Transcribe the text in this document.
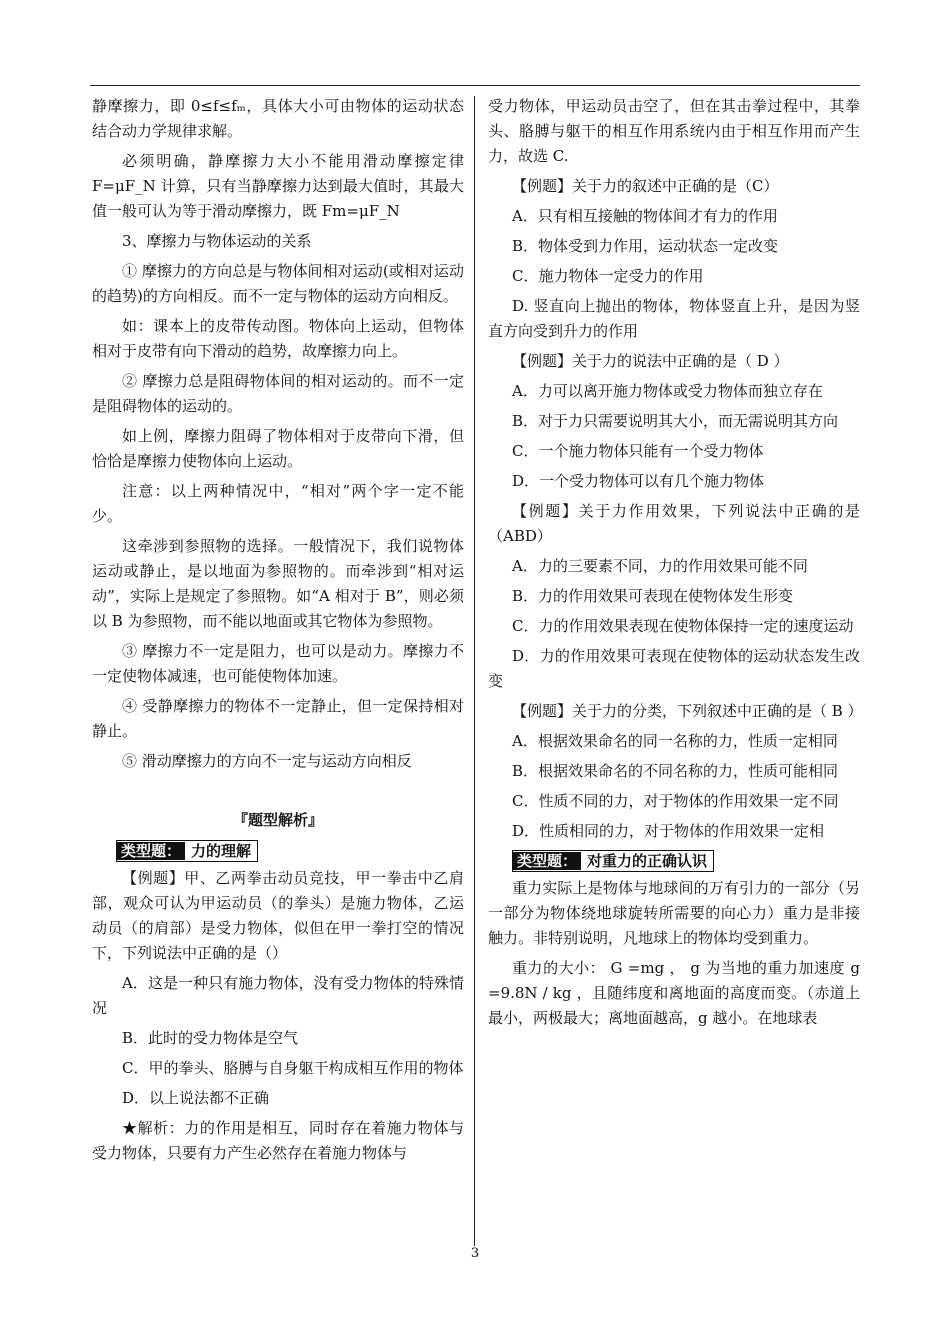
静摩擦力，即 0≤f≤fₘ，具体大小可由物体的运动状态结合动力学规律求解。

必须明确，静摩擦力大小不能用滑动摩擦定律 F=μF_N 计算，只有当静摩擦力达到最大值时，其最大值一般可认为等于滑动摩擦力，既 Fm=μF_N

3、摩擦力与物体运动的关系

① 摩擦力的方向总是与物体间相对运动(或相对运动的趋势)的方向相反。而不一定与物体的运动方向相反。

如：课本上的皮带传动图。物体向上运动，但物体相对于皮带有向下滑动的趋势，故摩擦力向上。

② 摩擦力总是阻碍物体间的相对运动的。而不一定是阻碍物体的运动的。

如上例，摩擦力阻碍了物体相对于皮带向下滑，但恰恰是摩擦力使物体向上运动。

注意：以上两种情况中，“相对”两个字一定不能少。

这牵涉到参照物的选择。一般情况下，我们说物体运动或静止，是以地面为参照物的。而牵涉到“相对运动”，实际上是规定了参照物。如“A 相对于 B”，则必须以 B 为参照物，而不能以地面或其它物体为参照物。

③ 摩擦力不一定是阻力，也可以是动力。摩擦力不一定使物体减速，也可能使物体加速。

④ 受静摩擦力的物体不一定静止，但一定保持相对静止。

⑤ 滑动摩擦力的方向不一定与运动方向相反

『题型解析』
类型题： 力的理解

【例题】甲、乙两拳击动员竞技，甲一拳击中乙肩部，观众可认为甲运动员（的拳头）是施力物体，乙运动员（的肩部）是受力物体，似但在甲一拳打空的情况下，下列说法中正确的是（）

A．这是一种只有施力物体，没有受力物体的特殊情况

B．此时的受力物体是空气

C．甲的拳头、胳膊与自身躯干构成相互作用的物体

D．以上说法都不正确

★解析：力的作用是相互，同时存在着施力物体与受力物体，只要有力产生必然存在着施力物体与

受力物体，甲运动员击空了，但在其击拳过程中，其拳头、胳膊与躯干的相互作用系统内由于相互作用而产生力，故选 C.

【例题】关于力的叙述中正确的是（C）

A．只有相互接触的物体间才有力的作用

B．物体受到力作用，运动状态一定改变

C．施力物体一定受力的作用

D. 竖直向上抛出的物体，物体竖直上升，是因为竖直方向受到升力的作用

【例题】关于力的说法中正确的是（ D ）

A．力可以离开施力物体或受力物体而独立存在

B．对于力只需要说明其大小，而无需说明其方向

C．一个施力物体只能有一个受力物体

D．一个受力物体可以有几个施力物体

【例题】关于力作用效果，下列说法中正确的是（ABD）

A．力的三要素不同，力的作用效果可能不同

B．力的作用效果可表现在使物体发生形变

C．力的作用效果表现在使物体保持一定的速度运动

D．力的作用效果可表现在使物体的运动状态发生改变

【例题】关于力的分类，下列叙述中正确的是（ B ）

A．根据效果命名的同一名称的力，性质一定相同

B．根据效果命名的不同名称的力，性质可能相同

C．性质不同的力，对于物体的作用效果一定不同

D．性质相同的力，对于物体的作用效果一定相

类型题： 对重力的正确认识

重力实际上是物体与地球间的万有引力的一部分（另一部分为物体绕地球旋转所需要的向心力）重力是非接触力。非特别说明，凡地球上的物体均受到重力。

重力的大小： G =mg ， g 为当地的重力加速度 g =9.8N / kg ，且随纬度和离地面的高度而变。（赤道上最小，两极最大；离地面越高，g 越小。在地球表

3
